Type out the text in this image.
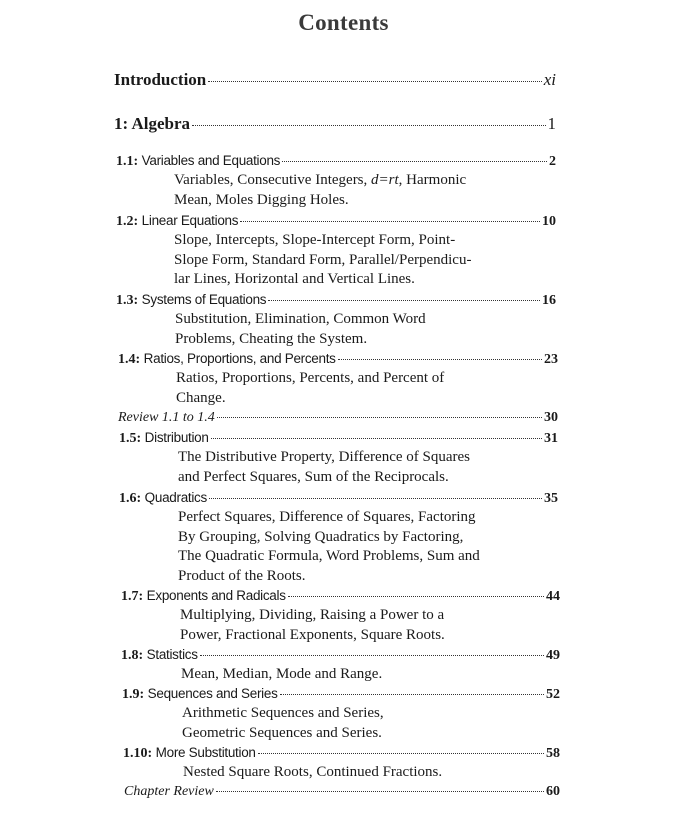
Contents
Introduction	xi
1: Algebra	1
1.1: Variables and Equations	2
Variables, Consecutive Integers, d=rt, Harmonic
Mean, Moles Digging Holes.
1.2: Linear Equations	10
Slope, Intercepts, Slope-Intercept Form, Point-
Slope Form, Standard Form, Parallel/Perpendicu-
lar Lines, Horizontal and Vertical Lines.
1.3: Systems of Equations	16
Substitution, Elimination, Common Word
Problems, Cheating the System.
1.4: Ratios, Proportions, and Percents	23
Ratios, Proportions, Percents, and Percent of
Change.
Review 1.1 to 1.4	30
1.5: Distribution	31
The Distributive Property, Difference of Squares
and Perfect Squares, Sum of the Reciprocals.
1.6: Quadratics	35
Perfect Squares, Difference of Squares, Factoring
By Grouping, Solving Quadratics by Factoring,
The Quadratic Formula, Word Problems, Sum and
Product of the Roots.
1.7: Exponents and Radicals	44
Multiplying, Dividing, Raising a Power to a
Power, Fractional Exponents, Square Roots.
1.8: Statistics	49
Mean, Median, Mode and Range.
1.9: Sequences and Series	52
Arithmetic Sequences and Series,
Geometric Sequences and Series.
1.10: More Substitution	58
Nested Square Roots, Continued Fractions.
Chapter Review	60
